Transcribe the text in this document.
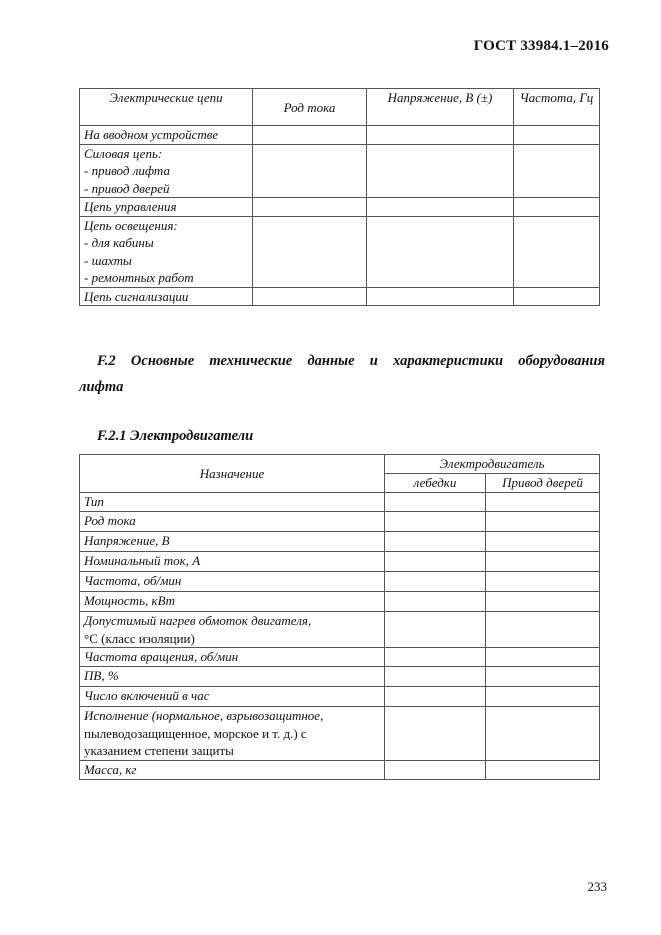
ГОСТ 33984.1–2016
Электрические цепи	Род тока	Напряжение, В (±)	Частота, Гц

На вводном устройстве			

Силовая цепь:
- привод лифта
- привод дверей			

Цепь управления			

Цепь освещения:
- для кабины
- шахты
- ремонтных работ			

Цепь сигнализации			

F.2 Основные технические данные и характеристики оборудования
лифта
F.2.1 Электродвигатели
Назначение	Электродвигатель	
	лебедки	Привод дверей

Тип		

Род тока		

Напряжение, В		

Номинальный ток, А		

Частота, об/мин		

Мощность, кВт		

Допустимый нагрев обмоток двигателя,
°С (класс изоляции)		

Частота вращения, об/мин		

ПВ, %		

Число включений в час		

Исполнение (нормальное, взрывозащитное,
пылеводозащищенное, морское и т. д.) с
указанием степени защиты		

Масса, кг		

233
